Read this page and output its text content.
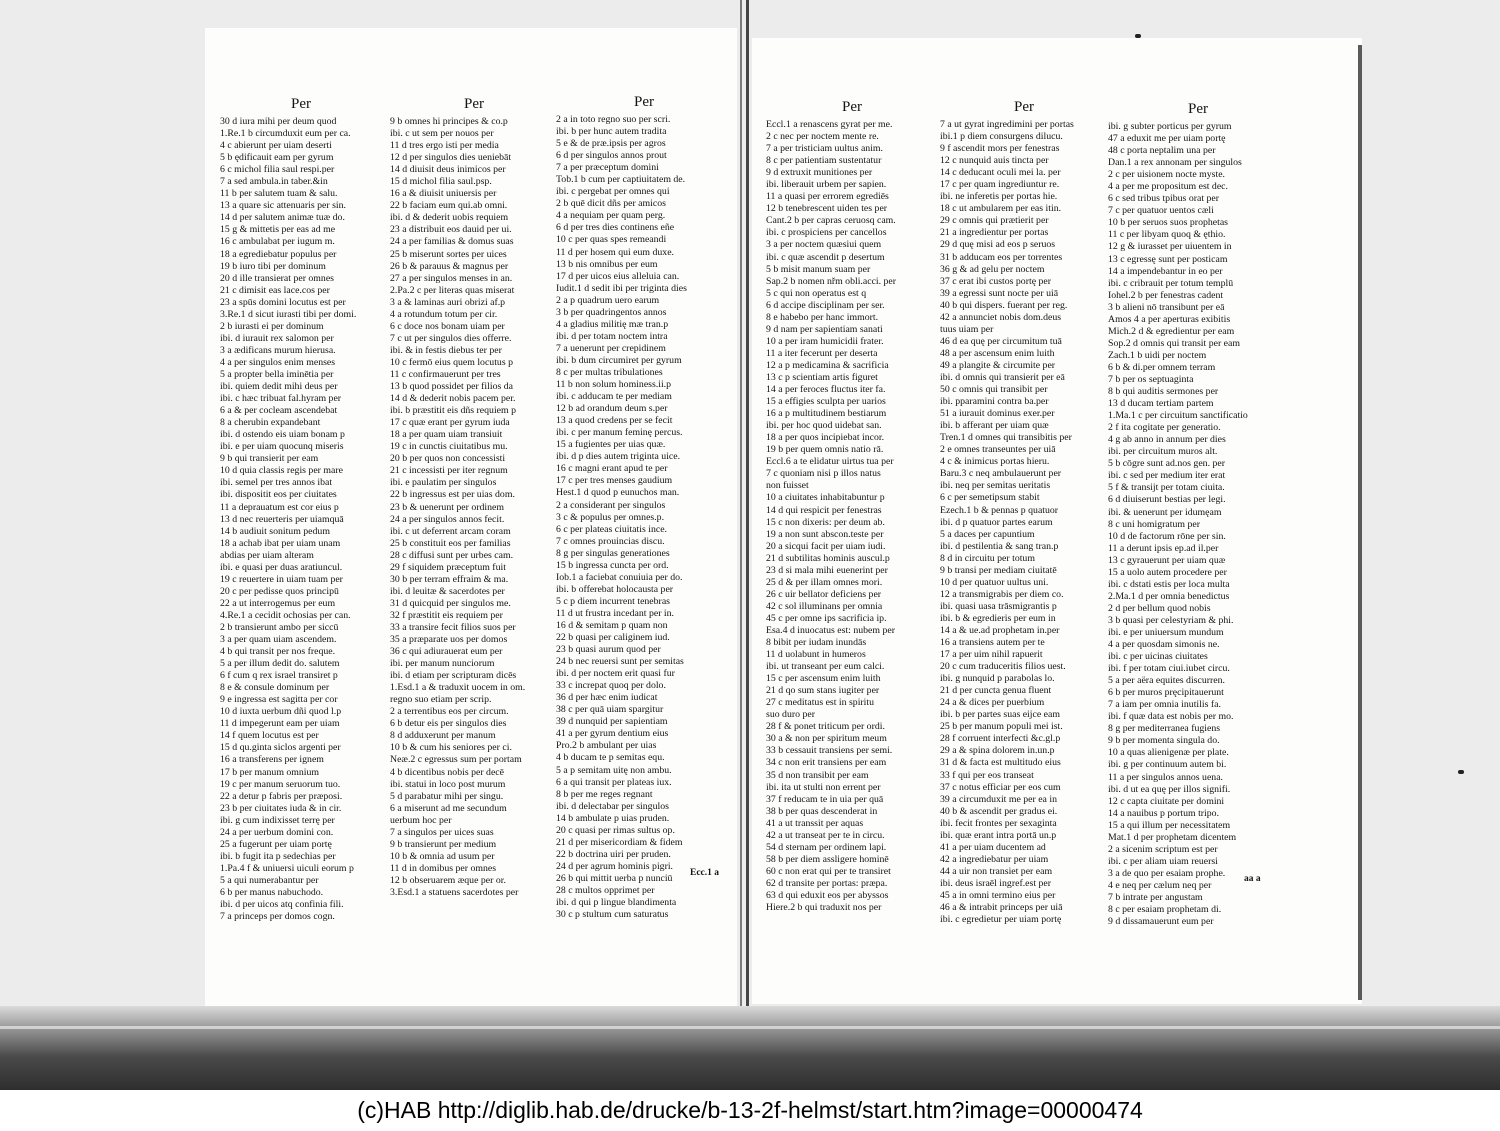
Per
30 d iura mihi per deum quod
1.Re.1 b circumduxit eum per ca.
4 c abierunt per uiam deserti
5 b ędificauit eam per gyrum
6 c michol filia saul respi.per
7 a sed ambula.in taber.&in
11 b per salutem tuam & salu.
13 a quare sic attenuaris per sin.
14 d per salutem animæ tuæ do.
15 g & mittetis per eas ad me
16 c ambulabat per iugum m.
18 a egrediebatur populus per
19 b iuro tibi per dominum
20 d ille transierat per omnes
21 c dimisit eas lace.cos per
23 a spūs domini locutus est per
3.Re.1 d sicut iurasti tibi per domi.
2 b iurasti ei per dominum
ibi. d iurauit rex salomon per
3 a ædificans murum hierusa.
4 a per singulos enim menses
5 a propter bella iminētia per
ibi. quiem dedit mihi deus per
ibi. c hæc tribuat fal.hyram per
6 a & per cocleam ascendebat
8 a cherubin expandebant
ibi. d ostendo eis uiam bonam p
ibi. e per uiam quocunq miseris
9 b qui transierit per eam
10 d quia classis regis per mare
ibi. semel per tres annos ibat
ibi. dispositit eos per ciuitates
11 a deprauatum est cor eius p
13 d nec reuerteris per uiamquā
14 b audiuit sonitum pedum
18 a achab ibat per uiam unam
abdias per uiam alteram
ibi. e quasi per duas aratiuncul.
19 c reuertere in uiam tuam per
20 c per pedisse quos principū
22 a ut interrogemus per eum
4.Re.1 a cecidit ochosias per can.
2 b transierunt ambo per siccū
3 a per quam uiam ascendem.
4 b qui transit per nos freque.
5 a per illum dedit do. salutem
6 f cum q rex israel transiret p
8 e & consule dominum per
9 e ingressa est sagitta per cor
10 d iuxta uerbum dñi quod l.p
11 d impegerunt eam per uiam
14 f quem locutus est per
15 d qu.ginta siclos argenti per
16 a transferens per ignem
17 b per manum omnium
19 c per manum seruorum tuo.
22 a detur p fabris per præposi.
23 b per ciuitates iuda & in cir.
ibi. g cum indixisset terrę per
24 a per uerbum domini con.
25 a fugerunt per uiam portę
ibi. b fugit ita p sedechias per
1.Pa.4 f & uniuersi uiculi eorum p
5 a qui numerabantur per
6 b per manus nabuchodo.
ibi. d per uicos atq confinia fili.
7 a princeps per domos cogn.
Per
9 b omnes hi principes & co.p
ibi. c ut sem per nouos per
11 d tres ergo isti per media
12 d per singulos dies ueniebāt
14 d diuisit deus inimicos per
15 d michol filia saul.psp.
16 a & diuisit uniuersis per
22 b faciam eum qui.ab omni.
ibi. d & dederit uobis requiem
23 a distribuit eos dauid per ui.
24 a per familias & domus suas
25 b miserunt sortes per uices
26 b & parauus & magnus per
27 a per singulos menses in an.
2.Pa.2 c per literas quas miserat
3 a & laminas auri obrizi af.p
4 a rotundum totum per cir.
6 c doce nos bonam uiam per
7 c ut per singulos dies offerre.
ibi. & in festis diebus ter per
10 c fermō eius quem locutus p
11 c confirmauerunt per tres
13 b quod possidet per filios da
14 d & dederit nobis pacem per.
ibi. b præstitit eis dñs requiem p
17 c quæ erant per gyrum iuda
18 a per quam uiam transiuit
19 c in cunctis ciuitatibus mu.
20 b per quos non concessisti
21 c incessisti per iter regnum
ibi. e paulatim per singulos
22 b ingressus est per uias dom.
23 b & uenerunt per ordinem
24 a per singulos annos fecit.
ibi. c ut deferrent arcam coram
25 b constituit eos per familias
28 c diffusi sunt per urbes cam.
29 f siquidem præceptum fuit
30 b per terram effraim & ma.
ibi. d leuitæ & sacerdotes per
31 d quicquid per singulos me.
32 f præstitit eis requiem per
33 a transire fecit filios suos per
35 a præparate uos per domos
36 c qui adiurauerat eum per
ibi. per manum nunciorum
ibi. d etiam per scripturam dicēs
1.Esd.1 a & traduxit uocem in om.
regno suo etiam per scrip.
2 a terrentibus eos per circum.
6 b detur eis per singulos dies
8 d adduxerunt per manum
10 b & cum his seniores per ci.
Neæ.2 c egressus sum per portam
4 b dicentibus nobis per decē
ibi. statui in loco post murum
5 d parabatur mihi per singu.
6 a miserunt ad me secundum
uerbum hoc per
7 a singulos per uices suas
9 b transierunt per medium
10 b & omnia ad usum per
11 d in domibus per omnes
12 b obseruarem æque per or.
3.Esd.1 a statuens sacerdotes per
Per
2 a in toto regno suo per scri.
ibi. b per hunc autem tradita
5 e & de præ.ipsis per agros
6 d per singulos annos prout
7 a per præceptum domini
Tob.1 b cum per captiuitatem de.
ibi. c pergebat per omnes qui
2 b quē dicit dñs per amicos
4 a nequiam per quam perg.
6 d per tres dies continens eñe
10 c per quas spes remeandi
11 d per hosem qui eum duxe.
13 b nis omnibus per eum
17 d per uicos eius alleluia can.
Iudit.1 d sedit ibi per triginta dies
2 a p quadrum uero earum
3 b per quadringentos annos
4 a gladius militię mæ tran.p
ibi. d per totam noctem intra
7 a uenerunt per crepidinem
ibi. b dum circumiret per gyrum
8 c per multas tribulationes
11 b non solum hominess.ii.p
ibi. c adducam te per mediam
12 b ad orandum deum s.per
13 a quod credens per se fecit
ibi. c per manum feminę percus.
15 a fugientes per uias quæ.
ibi. d p dies autem triginta uice.
16 c magni erant apud te per
17 c per tres menses gaudium
Hest.1 d quod p eunuchos man.
2 a considerant per singulos
3 c & populus per omnes.p.
6 c per plateas ciuitatis ince.
7 c omnes prouincias discu.
8 g per singulas generationes
15 b ingressa cuncta per ord.
Iob.1 a faciebat conuiuia per do.
ibi. b offerebat holocausta per
5 c p diem incurrent tenebras
11 d ut frustra incedant per in.
16 d & semitam p quam non
22 b quasi per caliginem iud.
23 b quasi aurum quod per
24 b nec reuersi sunt per semitas
ibi. d per noctem erit quasi fur
33 c increpat quoq per dolo.
36 d per hæc enim iudicat
38 c per quā uiam spargitur
39 d nunquid per sapientiam
41 a per gyrum dentium eius
Pro.2 b ambulant per uias
4 b ducam te p semitas equ.
5 a p semitam uitę non ambu.
6 a qui transit per plateas iux.
8 b per me reges regnant
ibi. d delectabar per singulos
14 b ambulate p uias pruden.
20 c quasi per rimas sultus op.
21 d per misericordiam & fidem
22 b doctrina uiri per pruden.
24 d per agrum hominis pigri.
26 b qui mittit uerba p nunciū
28 c multos opprimet per
ibi. d qui p lingue blandimenta
30 c p stultum cum saturatus
Per
Eccl.1 a renascens gyrat per me.
2 c nec per noctem mente re.
7 a per tristiciam uultus anim.
8 c per patientiam sustentatur
9 d extruxit munitiones per
ibi. liberauit urbem per sapien.
11 a quasi per errorem egrediēs
12 b tenebrescent uiden tes per
Cant.2 b per capras ceruosq cam.
ibi. c prospiciens per cancellos
3 a per noctem quæsiui quem
ibi. c quæ ascendit p desertum
5 b misit manum suam per
Sap.2 b nomen nřm obli.acci. per
5 c qui non operatus est q
6 d accipe disciplinam per ser.
8 e habebo per hanc immort.
9 d nam per sapientiam sanati
10 a per iram humicidii frater.
11 a iter fecerunt per deserta
12 a p medicamina & sacrificia
13 c p scientiam artis figuret
14 a per feroces fluctus iter fa.
15 a effigies sculpta per uarios
16 a p multitudinem bestiarum
ibi. per hoc quod uidebat san.
18 a per quos incipiebat incor.
19 b per quem omnis natio rā.
Eccl.6 a te elidatur uirtus tua per
7 c quoniam nisi p illos natus
non fuisset
10 a ciuitates inhabitabuntur p
14 d qui respicit per fenestras
15 c non dixeris: per deum ab.
19 a non sunt abscon.teste per
20 a sicqui facit per uiam iudi.
21 d subtilitas hominis auscul.p
23 d si mala mihi euenerint per
25 d & per illam omnes mori.
26 c uir bellator deficiens per
42 c sol illuminans per omnia
45 c per omne ips sacrificia ip.
Esa.4 d inuocatus est: nubem per
8 bibit per iudam inundās
11 d uolabunt in humeros
ibi. ut transeant per eum calci.
15 c per ascensum enim luith
21 d qo sum stans iugiter per
27 c meditatus est in spiritu
suo duro per
28 f & ponet triticum per ordi.
30 a & non per spiritum meum
33 b cessauit transiens per semi.
34 c non erit transiens per eam
35 d non transibit per eam
ibi. ita ut stulti non errent per
37 f reducam te in uia per quā
38 b per quas descenderat in
41 a ut transsit per aquas
42 a ut transeat per te in circu.
54 d sternam per ordinem lapi.
58 b per diem assligere hominē
60 c non erat qui per te transiret
62 d transite per portas: præpa.
63 d qui eduxit eos per abyssos
Hiere.2 b qui traduxit nos per
Per
7 a ut gyrat ingredimini per portas
ibi.1 p diem consurgens dilucu.
9 f ascendit mors per fenestras
12 c nunquid auis tincta per
14 c deducant oculi mei la. per
17 c per quam ingrediuntur re.
ibi. ne inferetis per portas hie.
18 c ut ambularem per eas itin.
29 c omnis qui prætierit per
21 a ingredientur per portas
29 d quę misi ad eos p seruos
31 b adducam eos per torrentes
36 g & ad gelu per noctem
37 c erat ibi custos portę per
39 a egressi sunt nocte per uiā
40 b qui dispers. fuerant per reg.
42 a annunciet nobis dom.deus
tuus uiam per
46 d ea quę per circumitum tuā
48 a per ascensum enim luith
49 a plangite & circumite per
ibi. d omnis qui transierit per eā
50 c omnis qui transibit per
ibi. pparamini contra ba.per
51 a iurauit dominus exer.per
ibi. b afferant per uiam quæ
Tren.1 d omnes qui transibitis per
2 e omnes transeuntes per uiā
4 c & inimicus portas hieru.
Baru.3 c neq ambulauerunt per
ibi. neq per semitas ueritatis
6 c per semetipsum stabit
Ezech.1 b & pennas p quatuor
ibi. d p quatuor partes earum
5 a daces per capuntium
ibi. d pestilentia & sang tran.p
8 d in circuitu per totum
9 b transi per mediam ciuitatē
10 d per quatuor uultus uni.
12 a transmigrabis per diem co.
ibi. quasi uasa trāsmigrantis p
ibi. b & egredieris per eum in
14 a & ue.ad prophetam in.per
16 a transiens autem per te
17 a per uim nihil rapuerit
20 c cum traduceritis filios uest.
ibi. g nunquid p parabolas lo.
21 d per cuncta genua fluent
24 a & dices per puerbium
ibi. b per partes suas eijce eam
25 b per manum populi mei ist.
28 f corruent interfecti &c.gl.p
29 a & spina dolorem in.un.p
31 d & facta est multitudo eius
33 f qui per eos transeat
37 c notus efficiar per eos cum
39 a circumduxit me per ea in
40 b & ascendit per gradus ei.
ibi. fecit frontes per sexaginta
ibi. quæ erant intra portā un.p
41 a per uiam ducentem ad
42 a ingrediebatur per uiam
44 a uir non transiet per eam
ibi. deus israēl ingref.est per
45 a in omni termino eius per
46 a & intrabit princeps per uiā
ibi. c egredietur per uiam portę
Per
ibi. g subter porticus per gyrum
47 a eduxit me per uiam portę
48 c porta neptalim una per
Dan.1 a rex annonam per singulos
2 c per uisionem nocte myste.
4 a per me propositum est dec.
6 c sed tribus tpibus orat per
7 c per quatuor uentos cæli
10 b per seruos suos prophetas
11 c per libyam quoq & ęthio.
12 g & iurasset per uiuentem in
13 c egressę sunt per posticam
14 a impendebantur in eo per
ibi. c cribrauit per totum templū
Iohel.2 b per fenestras cadent
3 b alieni nō transibunt per eā
Amos 4 a per aperturas exibitis
Mich.2 d & egredientur per eam
Sop.2 d omnis qui transit per eam
Zach.1 b uidi per noctem
6 b & di.per omnem terram
7 b per os septuaginta
8 b qui auditis sermones per
13 d ducam tertiam partem
1.Ma.1 c per circuitum sanctificatio
2 f ita cogitate per generatio.
4 g ab anno in annum per dies
ibi. per circuitum muros alt.
5 b cōgre sunt ad.nos gen. per
ibi. c sed per medium iter erat
5 f & transijt per totam ciuita.
6 d diuiserunt bestias per legi.
ibi. & uenerunt per idumęam
8 c uni homigratum per
10 d de factorum rōne per sin.
11 a derunt ipsis ep.ad il.per
13 c gyrauerunt per uiam quæ
15 a uolo autem procedere per
ibi. c dstati estis per loca multa
2.Ma.1 d per omnia benedictus
2 d per bellum quod nobis
3 b quasi per celestyriam & phi.
ibi. e per uniuersum mundum
4 a per quosdam simonis ne.
ibi. c per uicinas ciuitates
ibi. f per totam ciui.iubet circu.
5 a per aëra equites discurren.
6 b per muros pręcipitauerunt
7 a iam per omnia inutilis fa.
ibi. f quæ data est nobis per mo.
8 g per mediterranea fugiens
9 b per momenta singula do.
10 a quas alienigenæ per plate.
ibi. g per continuum autem bi.
11 a per singulos annos uena.
ibi. d ut ea quę per illos signifi.
12 c capta ciuitate per domini
14 a nauibus p portum tripo.
15 a qui illum per necessitatem
Mat.1 d per prophetam dicentem
2 a sicenim scriptum est per
ibi. c per aliam uiam reuersi
3 a de quo per esaiam prophe.
4 e neq per cælum neq per
7 b intrate per angustam
8 c per esaiam prophetam di.
9 d dissamauerunt eum per
Ecc.1 a
aa a
(c)HAB http://diglib.hab.de/drucke/b-13-2f-helmst/start.htm?image=00000474
